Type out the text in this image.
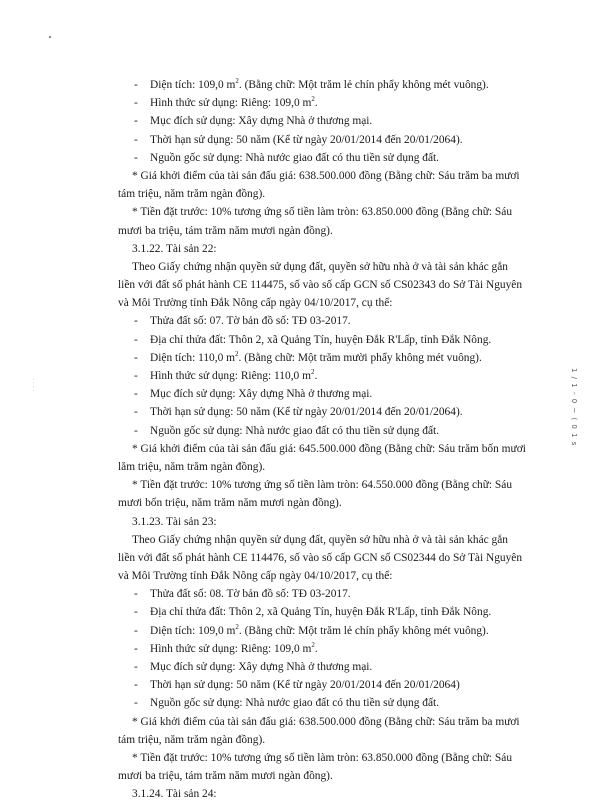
· · · ·	1 / 1 - 0 ~ ( 0 1 s
- Diện tích: 109,0 $m^2$. (Bằng chữ: Một trăm lẻ chín phẩy không mét vuông).
- Hình thức sử dụng: Riêng: 109,0 $m^2$.
- Mục đích sử dụng: Xây dựng Nhà ở thương mại.
- Thời hạn sử dụng: 50 năm (Kể từ ngày 20/01/2014 đến 20/01/2064).
- Nguồn gốc sử dụng: Nhà nước giao đất có thu tiền sử dụng đất.
* Giá khởi điểm của tài sản đấu giá: 638.500.000 đồng (Bằng chữ: Sáu trăm ba mươi
tám triệu, năm trăm ngàn đồng).
* Tiền đặt trước: 10% tương ứng số tiền làm tròn: 63.850.000 đồng (Bằng chữ: Sáu
mươi ba triệu, tám trăm năm mươi ngàn đồng).
3.1.22. Tài sản 22:
Theo Giấy chứng nhận quyền sử dụng đất, quyền sở hữu nhà ở và tài sản khác gắn
liền với đất số phát hành CE 114475, số vào số cấp GCN số CS02343 do Sở Tài Nguyên
và Môi Trường tỉnh Đắk Nông cấp ngày 04/10/2017, cụ thể:
- Thửa đất số: 07. Tờ bản đồ số: TĐ 03-2017.
- Địa chỉ thửa đất: Thôn 2, xã Quảng Tín, huyện Đắk R'Lấp, tỉnh Đắk Nông.
- Diện tích: 110,0 $m^2$. (Bằng chữ: Một trăm mười phẩy không mét vuông).
- Hình thức sử dụng: Riêng: 110,0 $m^2$.
- Mục đích sử dụng: Xây dựng Nhà ở thương mại.
- Thời hạn sử dụng: 50 năm (Kể từ ngày 20/01/2014 đến 20/01/2064).
- Nguồn gốc sử dụng: Nhà nước giao đất có thu tiền sử dụng đất.
* Giá khởi điểm của tài sản đấu giá: 645.500.000 đồng (Bằng chữ: Sáu trăm bốn mươi
lăm triệu, năm trăm ngàn đồng).
* Tiền đặt trước: 10% tương ứng số tiền làm tròn: 64.550.000 đồng (Bằng chữ: Sáu
mươi bốn triệu, năm trăm năm mươi ngàn đồng).
3.1.23. Tài sản 23:
Theo Giấy chứng nhận quyền sử dụng đất, quyền sở hữu nhà ở và tài sản khác gắn
liền với đất số phát hành CE 114476, số vào số cấp GCN số CS02344 do Sở Tài Nguyên
và Môi Trường tỉnh Đắk Nông cấp ngày 04/10/2017, cụ thể:
- Thửa đất số: 08. Tờ bản đồ số: TĐ 03-2017.
- Địa chỉ thửa đất: Thôn 2, xã Quảng Tín, huyện Đắk R'Lấp, tỉnh Đắk Nông.
- Diện tích: 109,0 $m^2$. (Bằng chữ: Một trăm lẻ chín phẩy không mét vuông).
- Hình thức sử dụng: Riêng: 109,0 $m^2$.
- Mục đích sử dụng: Xây dựng Nhà ở thương mại.
- Thời hạn sử dụng: 50 năm (Kể từ ngày 20/01/2014 đến 20/01/2064)
- Nguồn gốc sử dụng: Nhà nước giao đất có thu tiền sử dụng đất.
* Giá khởi điểm của tài sản đấu giá: 638.500.000 đồng (Bằng chữ: Sáu trăm ba mươi
tám triệu, năm trăm ngàn đồng).
* Tiền đặt trước: 10% tương ứng số tiền làm tròn: 63.850.000 đồng (Bằng chữ: Sáu
mươi ba triệu, tám trăm năm mươi ngàn đồng).
3.1.24. Tài sản 24:
